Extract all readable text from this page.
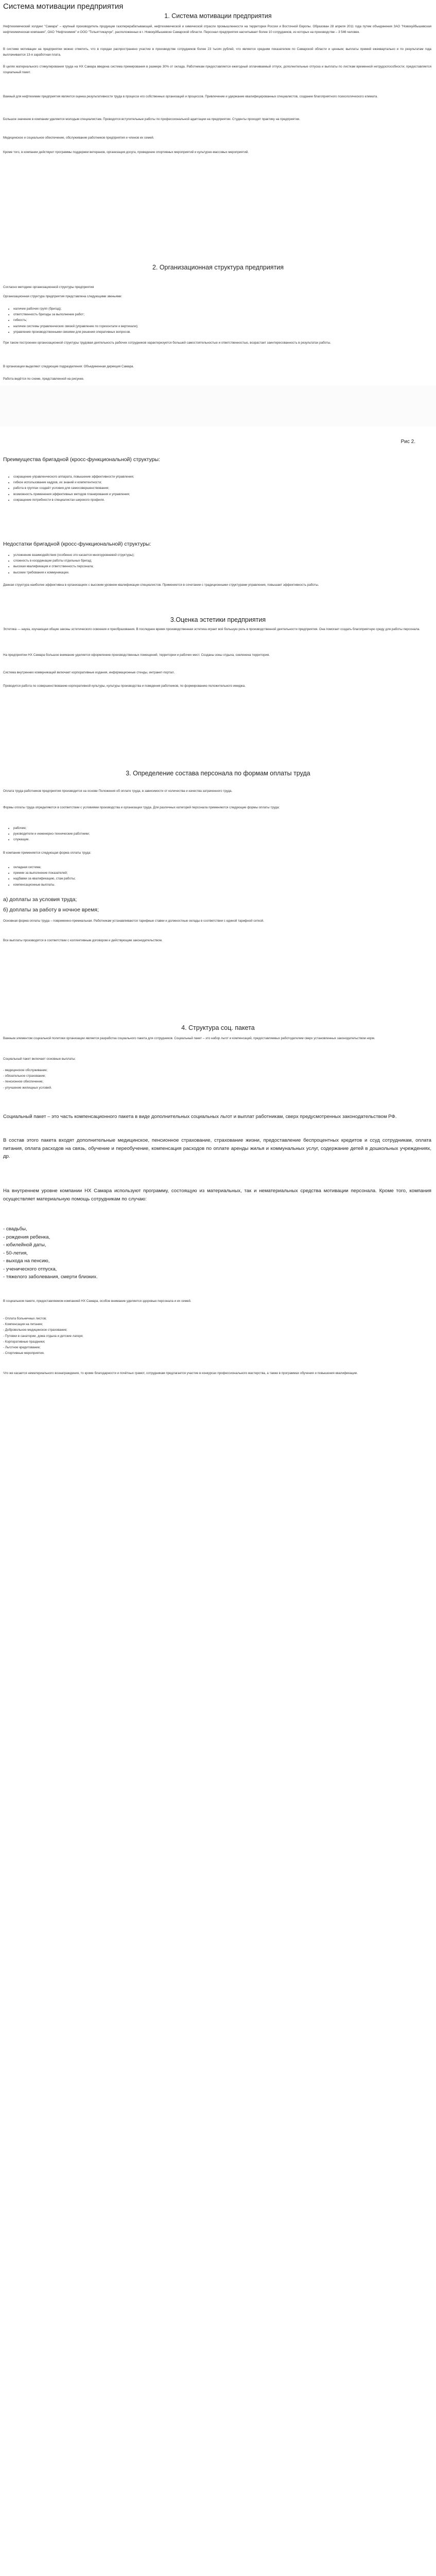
Система мотивации предприятия
1. Система мотивации предприятия
Нефтехимический холдинг "Самара" – крупный производитель продукции газоперерабатывающей, нефтехимической и химической отрасли промышленности на территории России и Восточной Европы. Образован 28 апреля 2011 года путем объединения ЗАО "Новокуйбышевская нефтехимическая компания", ОАО "Нефтехимия" и ООО "Тольяттикаучук", расположенных в г. Новокуйбышевске Самарской области. Персонал предприятия насчитывает более 10 сотрудников, из которых на производстве – 3 546 человек.
В системе мотивации на предприятии можно отметить, что в городах распространено участие в производстве сотрудников более 23 тысяч рублей, что является средним показателем по Самарской области и ценным; выплаты премий ежеквартально и по результатам года выплачивается 13-я заработная плата.
В целях материального стимулирования труда на НХ Самара введена система премирования в размере 30% от оклада. Работникам предоставляется ежегодный оплачиваемый отпуск, дополнительные отпуска и выплаты по листкам временной нетрудоспособности; предоставляется социальный пакет.
Важный для нефтехимии предприятия является оценка результативности труда в процессе его собственных организаций и процессов. Привлечение и удержание квалифицированных специалистов, создание благоприятного психологического климата.
Большое значение в компании уделяется молодым специалистам. Проводятся вступительные работы по профессиональной адаптации на предприятии. Студенты проходят практику на предприятии.
Медицинское и социальное обеспечение, обслуживание работников предприятия и членов их семей.
Кроме того, в компании действуют программы поддержки ветеранов, организация досуга, проведение спортивных мероприятий и культурно-массовых мероприятий.
2. Организационная структура предприятия
Согласно методике организационной структуры предприятия
Организационная структура предприятия представлена следующими звеньями:
• наличие рабочих групп (бригад);
• ответственность бригады за выполнение работ;
• гибкость;
• наличие системы управленческих связей (управление по горизонтали и вертикали);
• управление производственными связями для решения оперативных вопросов.
При таком построении организационной структуры трудовая деятельность рабочих сотрудников характеризуется большей самостоятельностью и ответственностью, возрастает заинтересованность в результатах работы.
В организации выделяют следующие подразделения: Объединенная дирекция Самара.
Работа ведётся по схеме, представленной на рисунке.
Рис 2.
Преимущества бригадной (кросс-функциональной) структуры:
• сокращение управленческого аппарата, повышение эффективности управления;
• гибкое использование кадров, их знаний и компетентности;
• работа в группах создаёт условия для самосовершенствования;
• возможность применения эффективных методов планирования и управления;
• сокращение потребности в специалистах широкого профиля.
Недостатки бригадной (кросс-функциональной) структуры:
• усложнение взаимодействия (особенно это касается многоуровневой структуры);
• сложность в координации работы отдельных бригад;
• высокая квалификация и ответственность персонала;
• высокие требования к коммуникации.
Данная структура наиболее эффективна в организациях с высоким уровнем квалификации специалистов. Применяется в сочетании с традиционными структурами управления, повышает эффективность работы.
3.Оценка эстетики предприятия
Эстетика — наука, изучающая общие законы эстетического освоения и преобразования. В последнее время производственная эстетика играет всё большую роль в производственной деятельности предприятия. Она помогает создать благоприятную среду для работы персонала.
На предприятии НХ Самара большое внимание уделяется оформлению производственных помещений, территории и рабочих мест. Созданы зоны отдыха, озеленена территория.
Система внутренних коммуникаций включает корпоративные издания, информационные стенды, интранет-портал.
Проводится работа по совершенствованию корпоративной культуры, культуры производства и поведения работников, по формированию положительного имиджа.
3. Определение состава персонала по формам оплаты труда
Оплата труда работников предприятия производится на основе Положения об оплате труда, в зависимости от количества и качества затраченного труда.
Формы оплаты труда определяются в соответствии с условиями производства и организации труда. Для различных категорий персонала применяются следующие формы оплаты труда:
• рабочие;
• руководители и инженерно-технические работники;
• служащие.
В компании применяется следующая форма оплаты труда:
• окладная система;
• премии за выполнение показателей;
• надбавки за квалификацию, стаж работы;
• компенсационные выплаты.
а) доплаты за условия труда;
б) доплаты за работу в ночное время;
Основная форма оплаты труда – повременно-премиальная. Работникам устанавливаются тарифные ставки и должностные оклады в соответствии с единой тарифной сеткой.
Все выплаты производятся в соответствии с коллективным договором и действующим законодательством.
4. Структура соц. пакета
Важным элементом социальной политики организации является разработка социального пакета для сотрудников. Социальный пакет – это набор льгот и компенсаций, предоставляемых работодателем сверх установленных законодательством норм.
Социальный пакет включает основные выплаты:
- медицинское обслуживание;
- обязательное страхование;
- пенсионное обеспечение;
- улучшение жилищных условий.
Социальный пакет – это часть компенсационного пакета в виде дополнительных социальных льгот и выплат работникам, сверх предусмотренных законодательством РФ.
В состав этого пакета входят дополнительные медицинское, пенсионное страхование, страхование жизни, предоставление беспроцентных кредитов и ссуд сотрудникам, оплата питания, оплата расходов на связь, обучение и переобучение, компенсация расходов по оплате аренды жилья и коммунальных услуг, содержание детей в дошкольных учреждениях, др.
На внутреннем уровне компании НХ Самара используют программу, состоящую из материальных, так и нематериальных средства мотивации персонала. Кроме того, компания осуществляет материальную помощь сотрудникам по случаю:
- свадьбы,
- рождения ребенка,
- юбилейной даты,
- 50-летия,
- выхода на пенсию,
- ученического отпуска,
- тяжелого заболевания, смерти близких.
В социальном пакете, предоставляемом компанией НХ Самара, особое внимание уделяется здоровью персонала и их семей.
- Оплата больничных листов;
- Компенсация на питание;
- Добровольное медицинское страхование;
- Путевки в санатории, дома отдыха и детские лагеря;
- Корпоративные праздники;
- Льготное кредитование;
- Спортивные мероприятия.
Что же касается нематериального вознаграждения, то кроме благодарности и почётных грамот, сотрудникам предлагается участие в конкурсах профессионального мастерства, а также в программах обучения и повышения квалификации.
